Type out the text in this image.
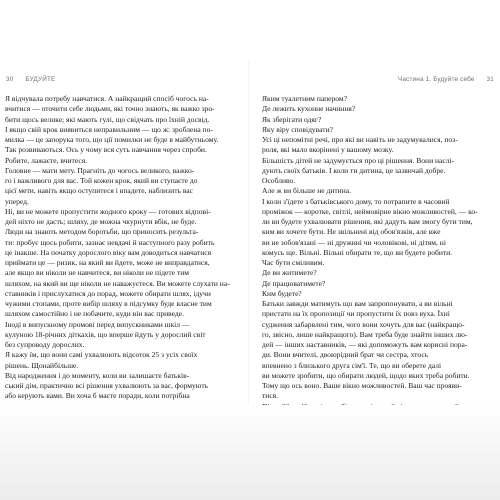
30 БУДУЙТЕ	Частина 1. Будуйте себе 31
Я відчувала потребу навчатися. А найкращий спосіб чогось на-
вчитися — оточити себе людьми, які точно знають, як важко зро-
бити щось велике; які мають гулі, що свідчать про їхній досвід.
І якщо свій крок виявиться неправильним — що ж: зроблена по-
милка — це запорука того, що ції помилки не буде в майбутньому.
Так розвиваються. Ось у чому вся суть навчання через спроби.
Робите, лажаєте, вчитеся.
Головне — мати мету. Прагніть до чогось великого, важко-
го і важливого для вас. Той кожен крок, який ви ступаєте до
цієї мети, навіть якщо оступитеся і впадете, наблизить вас
уперед.
Ні, ви не можете пропустити жодного кроку — готових відпові-
дей ніхто не дасть; шляху, де можна чкурнути вбік, не буде.
Люди на знають методом боротьби, що приносить результа-
ти: пробує щось робити, зазнає невдачі й наступного разу робить
це інакше. На початку дорослого віку вам доводиться навчатися
приймати це — ризик, на який ви йдете, може не виправдатися,
але якщо ви ніколи не навчитеся, ви ніколи не підете тим
шляхом, на який ви ще ніколи не наважуєтеся. Ви можете слухати на-
ставників і прислухатися до порад, можете обирати шлях, ідучи
чужими стопами, проте вибір шляху в підсумку буде власне тим
шляхом самостійно і не побачите, куди він вас приведе.
Іноді в випускному промові перед випускниками шкіл —
кулуною 18-річних діткахів, що вперше йдуть у дорослий світ
без супроводу дорослих.
Я кажу їм, що вони самі ухвалюють відсоток 25 з усіх своїх
рішень. Щонайбільше.
Від народження і до моменту, коли ви залишаєте батьків-
ський дім, практично всі рішення ухвалюють за вас, формують
або керують вами. Ви хоча б маєте поради, коли потрібна
Яким туалетним папером?
Де лежить кухонне начиння?
Як зберігати одяг?
Яку віру сповідувати?
Усі ці непомітні речі, про які ви навіть не задумувалися, поз-
роля, які мало вкорінені у вашому мозку.
Більшість дітей не задумується про ці рішення. Вони наслі-
дують своїх батьків. І коли ти дитина, це зазвичай добре.
Особливо.
Але ж ви більше не дитина.
І коли з'їдете з батьківського дому, то потрапите в часовий
проміжок — коротке, світлі, неймовірне вікно можливостей, — ко-
ли ви будете ухвалювати рішення, які дадуть вам змогу бути тим,
ким ви хочете бути. Не звільнені від обов'язків, але вже
ви не зобов'язані — ні дружині чи чоловікові, ні дітям, ні
комусь ще. Вільні. Вільні обирати те, що ви будете робити.
Час бути сміливим.
Де ви житимете?
Де працюватимете?
Ким будете?
Батьки завжди матимуть що вам запропонувати, а ви вільні
пристати на їх пропозиції чи пропустити їх повз вуха. Їхні
судження забарвлені тим, чого вони хочуть для вас (найкращо-
го, звісно, лише найкращого). Вам треба буде знайти інших лю-
дей — інших наставників, — які допоможуть вам корисні пора-
ди. Вони вчителі, двоюрідний брат чи сестра, хтось
впевнено з близького друга сім'ї. Те, що ви оберете далі
ви можете зробити, що обирати людей, щодо яких треба робити.
Тому що ось воно. Ваше вікно можливостей. Ваш час прояви-
тися.
